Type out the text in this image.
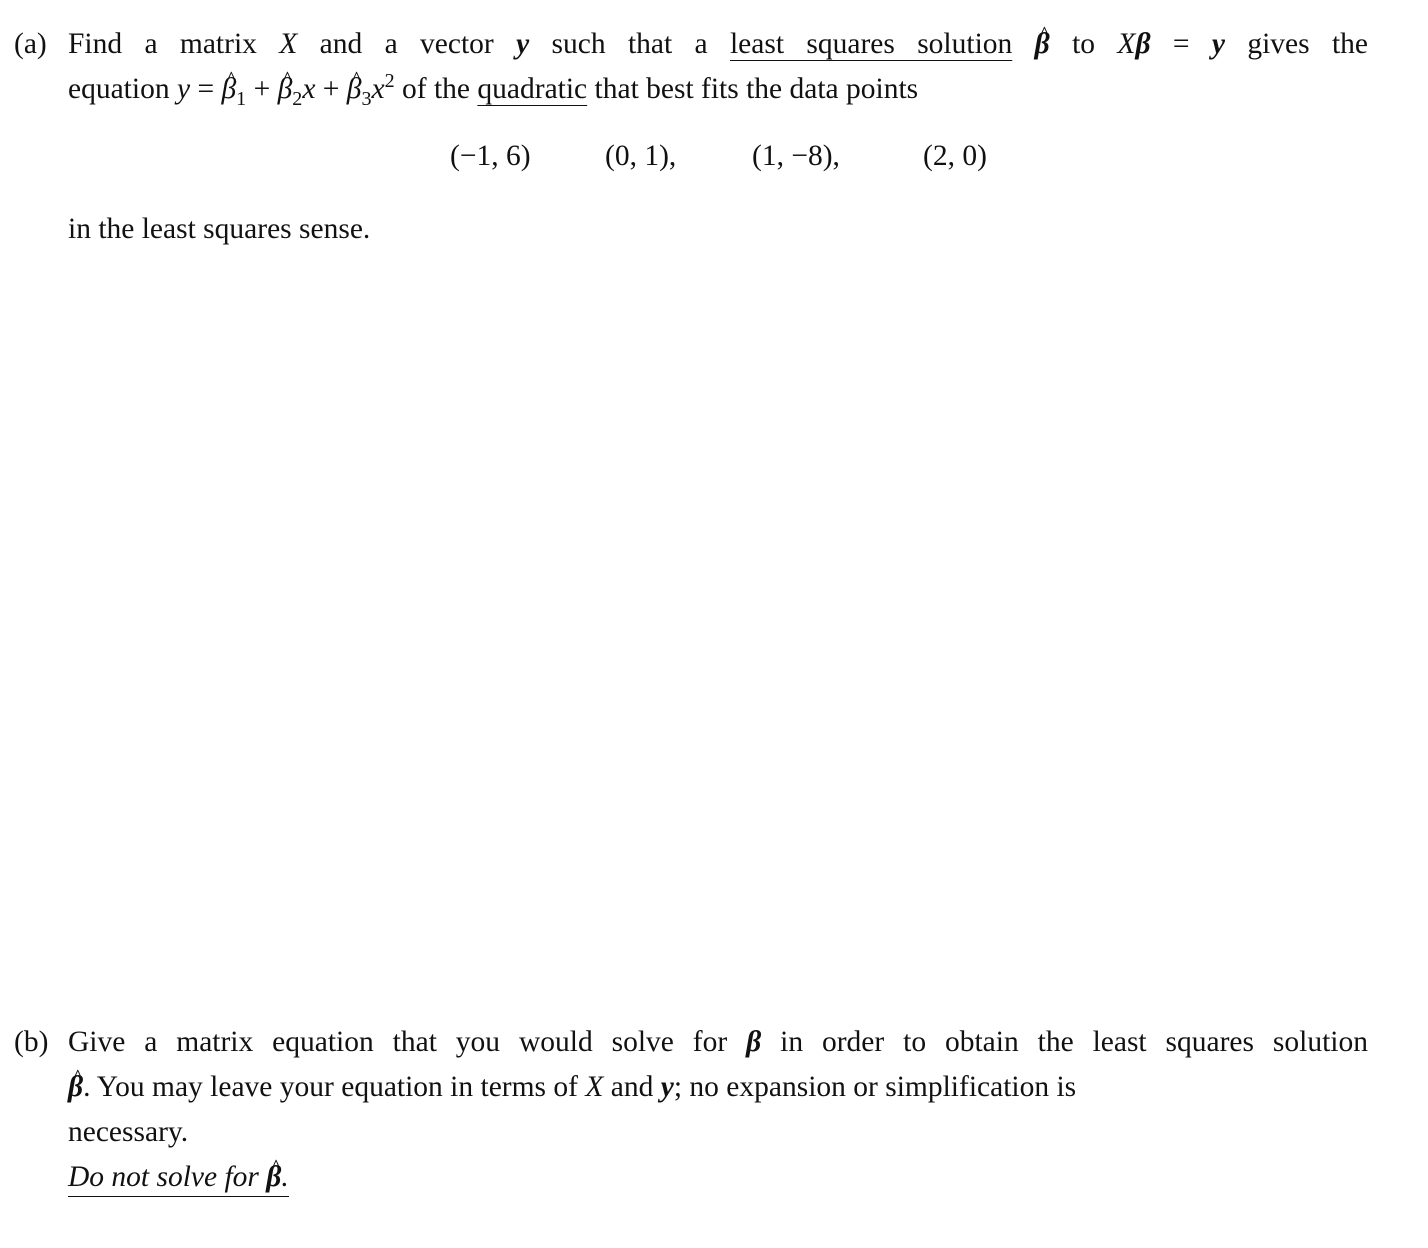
(a) Find a matrix X and a vector y such that a least squares solution ^ β to Xβ = y gives the
equation y = ^ $\beta_1$ + ^ $\beta_2x$ + ^ $\beta_3x^2$ of the quadratic that best fits the data points
(−1, 6)	(0, 1),	(1, −8),	(2, 0)
in the least squares sense.
(b) Give a matrix equation that you would solve for β in order to obtain the least squares solution
^ β. You may leave your equation in terms of X and y; no expansion or simplification is
necessary.
Do not solve for ^ β.
